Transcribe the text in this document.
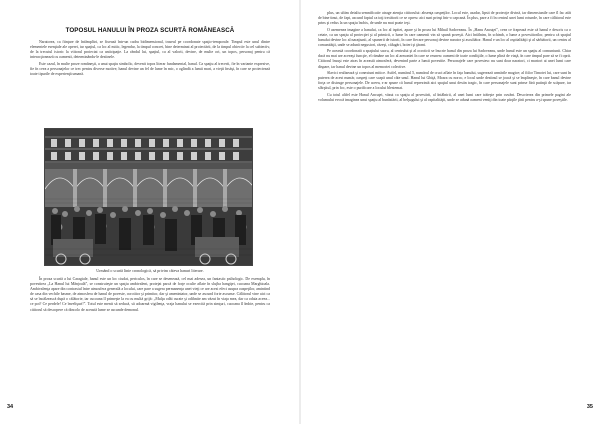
TOPOSUL HANULUI ÎN PROZA SCURTĂ ROMÂNEASCĂ

Naratorea, ca fiinţare de întâmplări, se fixează într-un cadru bidimensional, traseul pe coordonate spaţio-temporale. Timpul este unul dintre elementele esenţiale ale operei, iar spaţiul, ca loc al mitic, legendar, la timpul concret, bine determinat al proiectării, de la timpul obiectiv la cel subiectiv, de la trecutul istoric la viitorul proiectat ca anticipaţie. La rândul lui, spaţiul, ca al valorii, devine, de multe ori, un topos, personaj pentru că interacţionează cu oamenii, determinându-le destinele.

Este cazul, în multe proze româneşti, a unui spaţiu simbolic, devenit topos literar fundamental, hanul. Ca spaţiu al trecerii, fie în variante expresive, fie în ceea a personajelor ce trec pentru diverse motive, hanul devine un fel de lume în mic, o oglindă a lumii mari, a vieţii însăşi, în care se proiectează toate tipurile de experienţă umană.

Urmând o scurtă linie cronologică, să privim câteva hanuri literare.

În proza scurtă a lui Caragiale, hanul este un loc ciudat, periculos, în care se desenează, cel mai adesea, un fantastic psihologic. De exemplu, în povestirea „La Hanul lui Mânjoală”, se construieşte un spaţiu ambivalent, protejat parcă de forţe oculte aflate în slujba hangiţei, cucoana Marghioala. Ambivalenţa apare din contrastul între atmosfera generală a locului, care pare a sugera permanenţa unei vieţi ce are acest efect asupra oaspeţilor, amintind de casa din vechile basme, de atmosfera de hanul de poveste, ocrotitor şi primitor, dar şi amenintator, unde se ascund forte ascunse. Călătorul vine aici ca să se încălzească după o călătorie, iar cucoana îl primeşte la ea cu multă grijă: „Mulţu odăi curate şi odihnite am văzut în viaţa mea, dar ca odaia aceea... ce pot? Ce perdele! Ce învelişuri!”. Totul este menit să seducă, să adoarmă vigilenţa, vraja hanului se exercită prin simţuri, cucoana îl îmbie, pentru ca cititorul să descopere că dincolo de această lume se ascunde demonul.

34

plus, un ultim detaliu semnificativ atrage atenţia cititorului: absenţa oaspeţilor. Locul este, asadar, lipsit de protecţie divină, iar dimensiunile care îl fac atât de bine tinut, de fapt, ascund faptul ca toţi trecătorii ce se opresc aici sunt prinşi într-o capcană. În plus, pare a fi în centrul unei lumi rotunde, în care călătorul este prins şi redus la un spaţiu închis, de unde nu mai poate ieşi.

O asemenea imagine a hanului, ca loc al ispitei, apare şi în proza lui Mihail Sadoveanu. În „Hanu Ancuţei”, ceea ce frapează este că hanul e descris ca o cetate, ca un spaţiu al protecţiei şi al primirii, o lume în care oamenii vin să spună poveşti. Aici întâlnim, în schimb, o lume a povestitorilor, pentru că spaţiul hanului devine loc al naraţiunii, al spunerii de istorii, în care fiecare personaj devine narator şi ascultător. Hanul e un loc al ospitalităţii şi al sărbătorii, un centru al comunităţii, unde se adună negustori, răzeşi, călugări, boieri şi ţărani.

Pe această coordonată a spaţiului sacru, al centrului şi al ocrotirii se înscrie hanul din proza lui Sadoveanu, unde hanul este un spaţiu al comuniunii. Chiar dacă nu mai are aceeaşi funcţie, el rămâne un loc al armoniei în care se reunesc oameni de toate condiţiile, o lume plină de viaţă, în care timpul pare să se fi oprit. Cititorul însuşi este atras în această atmosferă, devenind parte a lumii povestite. Personajele care povestesc nu sunt doar naratori, ci martori ai unei lumi care dispare, iar hanul devine un topos al memoriei colective.

Slavici realizează şi conexiuni mitice. Astfel, numărul 5, numărul de cruci aflate în faţa hanului, sugerează urmările magice; al fiilor Timotei lui, care sunt în puterea de acest număr, oaspeţi care scapă unul câte unul. Hanul lui Ghiţă, Moara cu noroc, e locul unde destinul se joacă şi se împlineşte, în care banul devine forţa ce distruge personajele. De aceea, s-ar spune că hanul reprezintă aici spaţiul unui destin tragic, în care personajele sunt prinse fără putinţă de scăpare, iar sfârşitul, prin foc, este o purificare a locului blestemat.

Cu totul altfel este Hanul Ancuţei, văzut ca spaţiu al povestirii, al întâlnirii, al unei lumi care trăieşte prin cuvânt. Descrierea din primele pagini ale volumului evocă imaginea unui spaţiu al bunăstării, al belşugului şi al ospitalităţii, unde se adună oameni veniţi din toate părţile ţării pentru a-şi spune poveştile.

35
